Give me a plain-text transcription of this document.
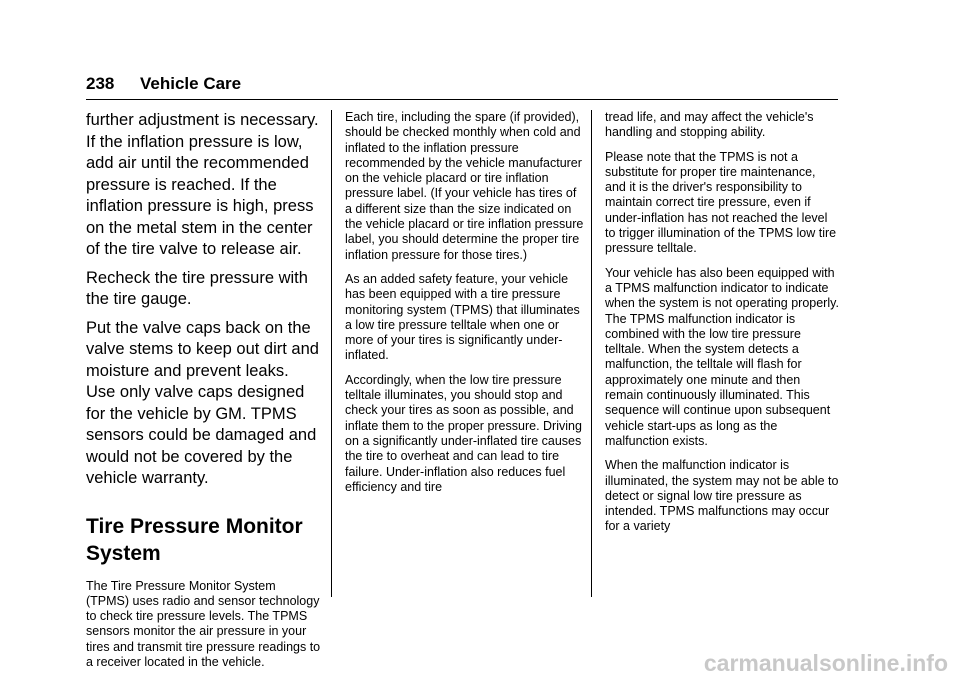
238 Vehicle Care

further adjustment is necessary. If the inflation pressure is low, add air until the recommended pressure is reached. If the inflation pressure is high, press on the metal stem in the center of the tire valve to release air.

Recheck the tire pressure with the tire gauge.

Put the valve caps back on the valve stems to keep out dirt and moisture and prevent leaks. Use only valve caps designed for the vehicle by GM. TPMS sensors could be damaged and would not be covered by the vehicle warranty.

Tire Pressure Monitor System

The Tire Pressure Monitor System (TPMS) uses radio and sensor technology to check tire pressure levels. The TPMS sensors monitor the air pressure in your tires and transmit tire pressure readings to a receiver located in the vehicle.

Each tire, including the spare (if provided), should be checked monthly when cold and inflated to the inflation pressure recommended by the vehicle manufacturer on the vehicle placard or tire inflation pressure label. (If your vehicle has tires of a different size than the size indicated on the vehicle placard or tire inflation pressure label, you should determine the proper tire inflation pressure for those tires.)

As an added safety feature, your vehicle has been equipped with a tire pressure monitoring system (TPMS) that illuminates a low tire pressure telltale when one or more of your tires is significantly under-inflated.

Accordingly, when the low tire pressure telltale illuminates, you should stop and check your tires as soon as possible, and inflate them to the proper pressure. Driving on a significantly under-inflated tire causes the tire to overheat and can lead to tire failure. Under-inflation also reduces fuel efficiency and tire

tread life, and may affect the vehicle's handling and stopping ability.

Please note that the TPMS is not a substitute for proper tire maintenance, and it is the driver's responsibility to maintain correct tire pressure, even if under-inflation has not reached the level to trigger illumination of the TPMS low tire pressure telltale.

Your vehicle has also been equipped with a TPMS malfunction indicator to indicate when the system is not operating properly. The TPMS malfunction indicator is combined with the low tire pressure telltale. When the system detects a malfunction, the telltale will flash for approximately one minute and then remain continuously illuminated. This sequence will continue upon subsequent vehicle start-ups as long as the malfunction exists.

When the malfunction indicator is illuminated, the system may not be able to detect or signal low tire pressure as intended. TPMS malfunctions may occur for a variety

carmanualsonline.info
